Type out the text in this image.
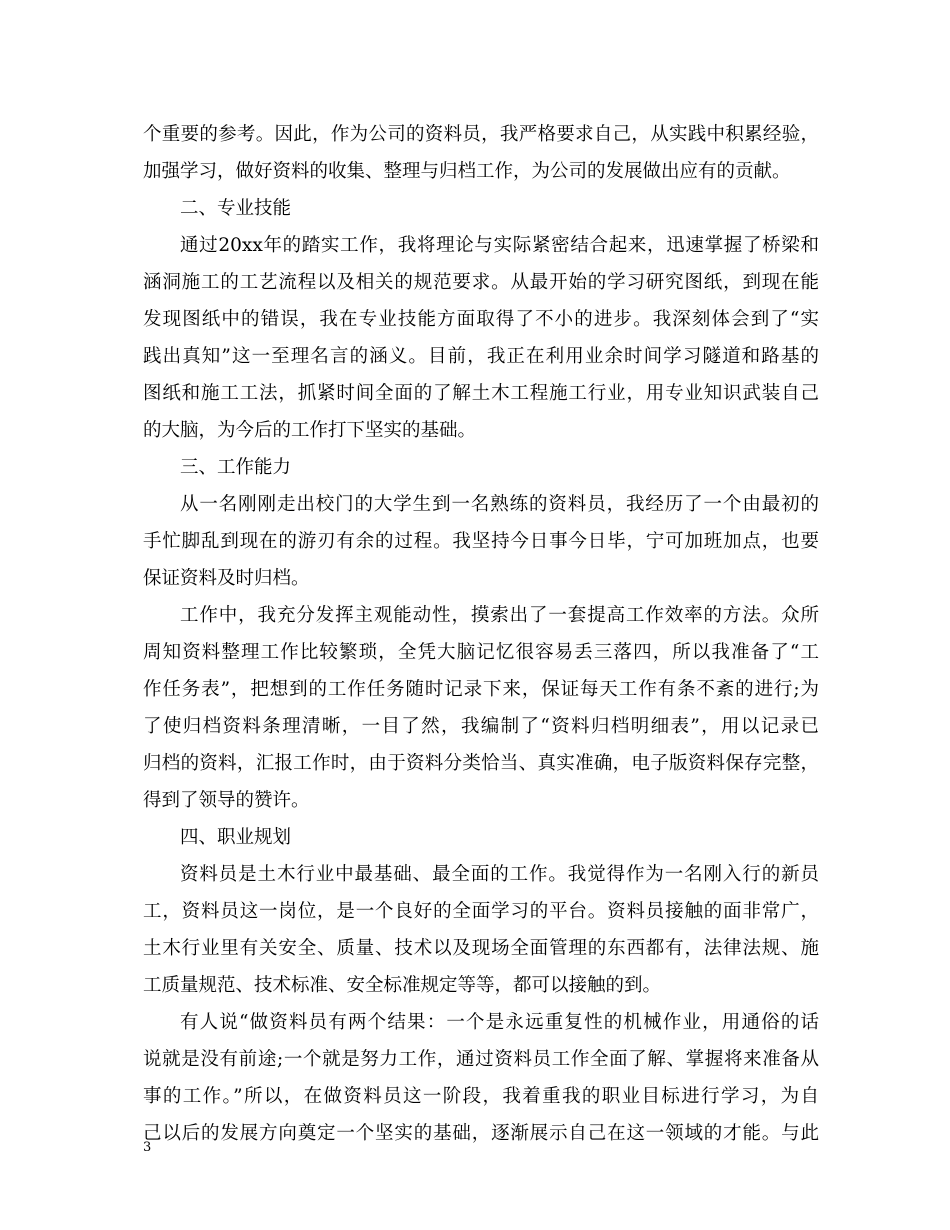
个重要的参考。因此，作为公司的资料员，我严格要求自己，从实践中积累经验，
加强学习，做好资料的收集、整理与归档工作，为公司的发展做出应有的贡献。
二、专业技能
通过20xx年的踏实工作，我将理论与实际紧密结合起来，迅速掌握了桥梁和
涵洞施工的工艺流程以及相关的规范要求。从最开始的学习研究图纸，到现在能
发现图纸中的错误，我在专业技能方面取得了不小的进步。我深刻体会到了“实
践出真知”这一至理名言的涵义。目前，我正在利用业余时间学习隧道和路基的
图纸和施工工法，抓紧时间全面的了解土木工程施工行业，用专业知识武装自己
的大脑，为今后的工作打下坚实的基础。
三、工作能力
从一名刚刚走出校门的大学生到一名熟练的资料员，我经历了一个由最初的
手忙脚乱到现在的游刃有余的过程。我坚持今日事今日毕，宁可加班加点，也要
保证资料及时归档。
工作中，我充分发挥主观能动性，摸索出了一套提高工作效率的方法。众所
周知资料整理工作比较繁琐，全凭大脑记忆很容易丢三落四，所以我准备了“工
作任务表”，把想到的工作任务随时记录下来，保证每天工作有条不紊的进行;为
了使归档资料条理清晰，一目了然，我编制了“资料归档明细表”，用以记录已
归档的资料，汇报工作时，由于资料分类恰当、真实准确，电子版资料保存完整，
得到了领导的赞许。
四、职业规划
资料员是土木行业中最基础、最全面的工作。我觉得作为一名刚入行的新员
工，资料员这一岗位，是一个良好的全面学习的平台。资料员接触的面非常广，
土木行业里有关安全、质量、技术以及现场全面管理的东西都有，法律法规、施
工质量规范、技术标准、安全标准规定等等，都可以接触的到。
有人说“做资料员有两个结果：一个是永远重复性的机械作业，用通俗的话
说就是没有前途;一个就是努力工作，通过资料员工作全面了解、掌握将来准备从
事的工作。”所以，在做资料员这一阶段，我着重我的职业目标进行学习，为自
己以后的发展方向奠定一个坚实的基础，逐渐展示自己在这一领域的才能。与此
3
